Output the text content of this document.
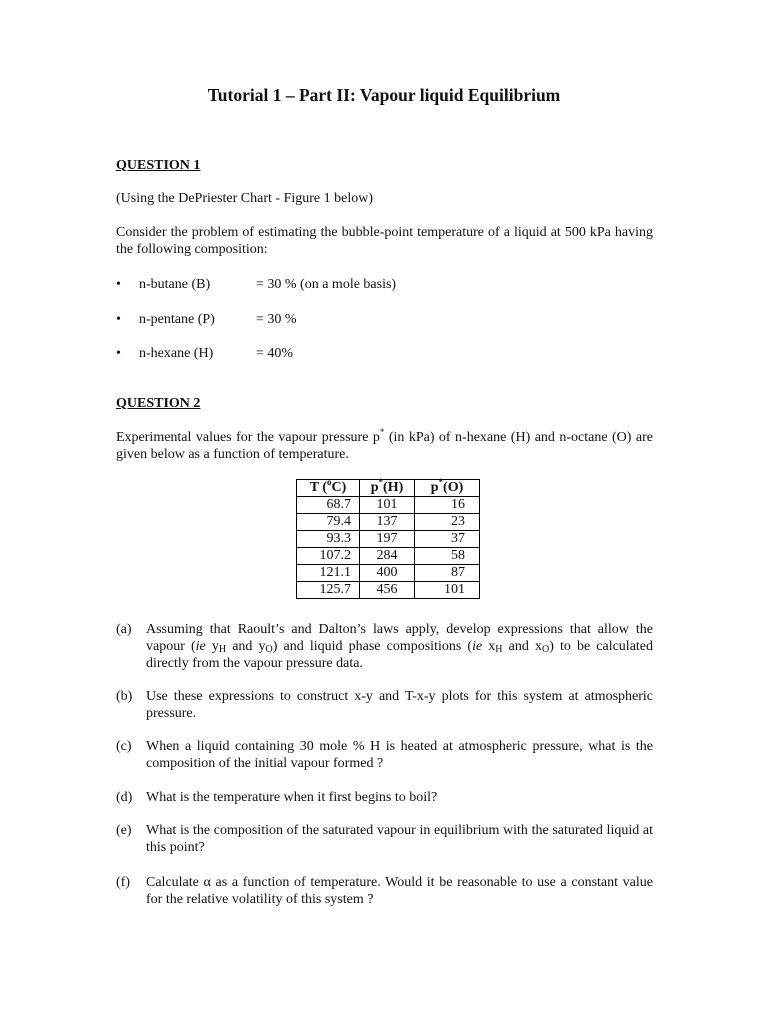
Tutorial 1 – Part II: Vapour liquid Equilibrium
QUESTION 1
(Using the DePriester Chart - Figure 1 below)
Consider the problem of estimating the bubble-point temperature of a liquid at 500 kPa having the following composition:
• n-butane (B)	= 30 % (on a mole basis)
• n-pentane (P)	= 30 %
• n-hexane (H)	= 40%
QUESTION 2
Experimental values for the vapour pressure p* (in kPa) of n-hexane (H) and n-octane (O) are given below as a function of temperature.
T ($^o$C)	p*(H)	p*(O)
68.7	101	16
79.4	137	23
93.3	197	37
107.2	284	58
121.1	400	87
125.7	456	101
(a) Assuming that Raoult’s and Dalton’s laws apply, develop expressions that allow the vapour (ie $y_H$ and $y_O$) and liquid phase compositions (ie $x_H$ and $x_O$) to be calculated directly from the vapour pressure data.
(b) Use these expressions to construct x-y and T-x-y plots for this system at atmospheric pressure.
(c) When a liquid containing 30 mole % H is heated at atmospheric pressure, what is the composition of the initial vapour formed ?
(d) What is the temperature when it first begins to boil?
(e) What is the composition of the saturated vapour in equilibrium with the saturated liquid at this point?
(f) Calculate α as a function of temperature. Would it be reasonable to use a constant value for the relative volatility of this system ?
